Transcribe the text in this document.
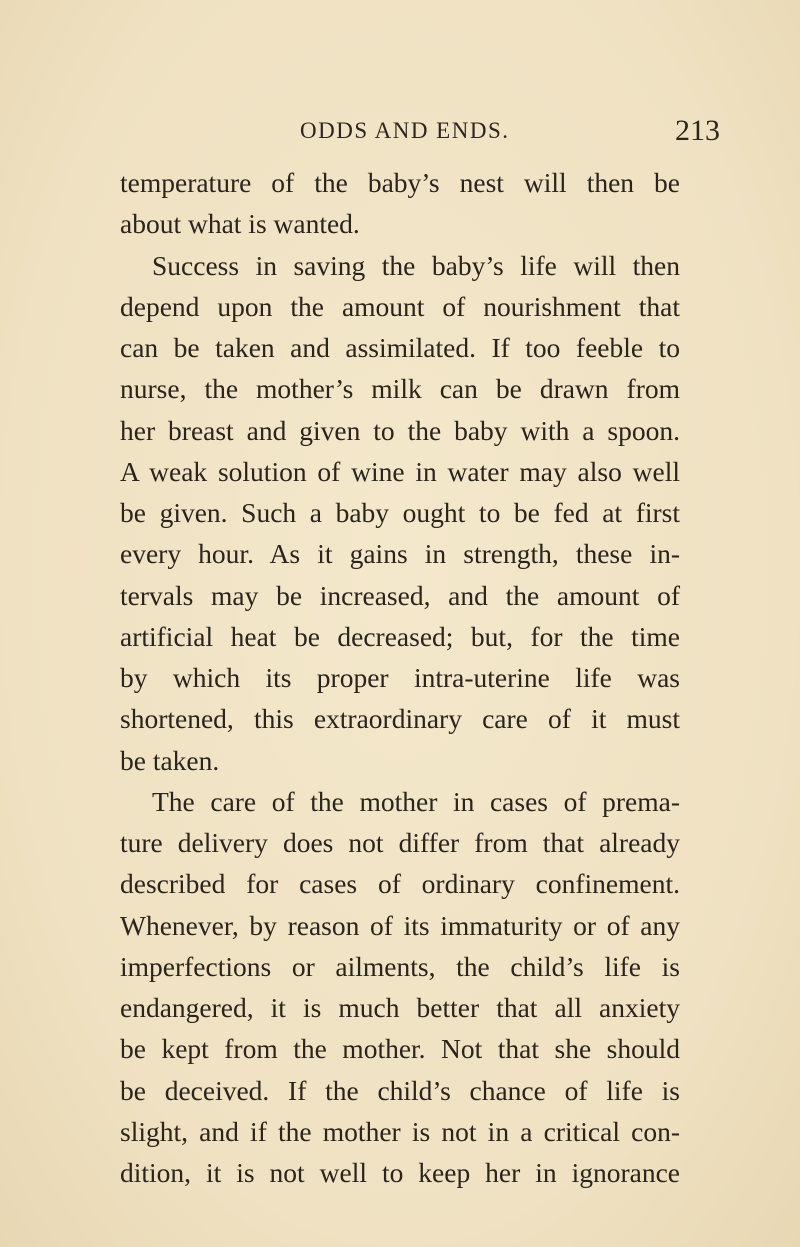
ODDS AND ENDS.	213
temperature of the baby’s nest will then be
about what is wanted.
Success in saving the baby’s life will then
depend upon the amount of nourishment that
can be taken and assimilated. If too feeble to
nurse, the mother’s milk can be drawn from
her breast and given to the baby with a spoon.
A weak solution of wine in water may also well
be given. Such a baby ought to be fed at first
every hour. As it gains in strength, these in-
tervals may be increased, and the amount of
artificial heat be decreased; but, for the time
by which its proper intra-uterine life was
shortened, this extraordinary care of it must
be taken.
The care of the mother in cases of prema-
ture delivery does not differ from that already
described for cases of ordinary confinement.
Whenever, by reason of its immaturity or of any
imperfections or ailments, the child’s life is
endangered, it is much better that all anxiety
be kept from the mother. Not that she should
be deceived. If the child’s chance of life is
slight, and if the mother is not in a critical con-
dition, it is not well to keep her in ignorance
